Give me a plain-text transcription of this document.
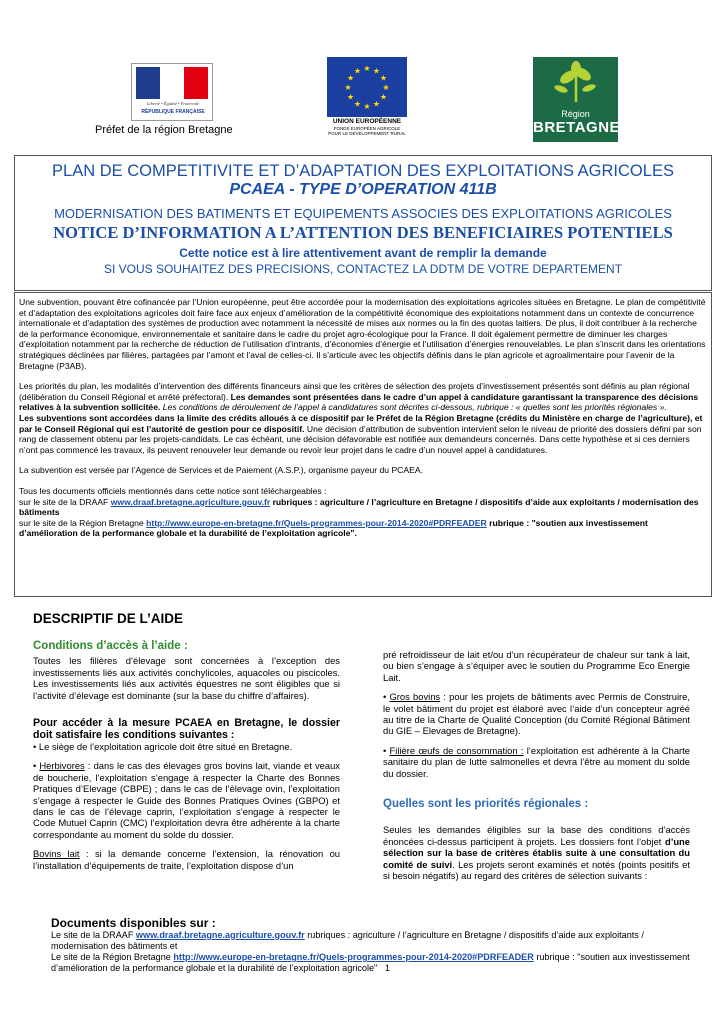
Liberté • Égalité • Fraternité
RÉPUBLIQUE FRANÇAISE
Préfet de la région Bretagne
★
★
★
★
★
★
★
★
★ ★ ★
★
UNION EUROPÉENNE
FONDS EUROPÉEN AGRICOLE POUR LE DÉVELOPPEMENT RURAL
Région
BRETAGNE
PLAN DE COMPETITIVITE ET D’ADAPTATION DES EXPLOITATIONS AGRICOLES
PCAEA - TYPE D’OPERATION 411B
MODERNISATION DES BATIMENTS ET EQUIPEMENTS ASSOCIES DES EXPLOITATIONS AGRICOLES
NOTICE D’INFORMATION A L’ATTENTION DES BENEFICIAIRES POTENTIELS
Cette notice est à lire attentivement avant de remplir la demande
SI VOUS SOUHAITEZ DES PRECISIONS, CONTACTEZ LA DDTM DE VOTRE DEPARTEMENT

Une subvention, pouvant être cofinancée par l’Union européenne, peut être accordée pour la modernisation des exploitations agricoles situées en Bretagne. Le plan de compétitivité et d’adaptation des exploitations agricoles doit faire face aux enjeux d’amélioration de la compétitivité économique des exploitations notamment dans un contexte de concurrence internationale et d’adaptation des systèmes de production avec notamment la nécessité de mises aux normes ou la fin des quotas laitiers. De plus, il doit contribuer à la recherche de la performance économique, environnementale et sanitaire dans le cadre du projet agro-écologique pour la France. Il doit également permettre de diminuer les charges d’exploitation notamment par la recherche de réduction de l’utilisation d’intrants, d’économies d’énergie et l’utilisation d’énergies renouvelables. Le plan s’inscrit dans les orientations stratégiques déclinées par filières, partagées par l’amont et l’aval de celles-ci. Il s’articule avec les objectifs définis dans le plan agricole et agroalimentaire pour l’avenir de la Bretagne (P3AB).

Les priorités du plan, les modalités d’intervention des différents financeurs ainsi que les critères de sélection des projets d’investissement présentés sont définis au plan régional (délibération du Conseil Régional et arrêté préfectoral). Les demandes sont présentées dans le cadre d’un appel à candidature garantissant la transparence des décisions relatives à la subvention sollicitée. Les conditions de déroulement de l’appel à candidatures sont décrites ci-dessous, rubrique : « quelles sont les priorités régionales ».

Les subventions sont accordées dans la limite des crédits alloués à ce dispositif par le Préfet de la Région Bretagne (crédits du Ministère en charge de l’agriculture), et par le Conseil Régional qui est l’autorité de gestion pour ce dispositif. Une décision d’attribution de subvention intervient selon le niveau de priorité des dossiers défini par son rang de classement obtenu par les projets-candidats. Le cas échéant, une décision défavorable est notifiée aux demandeurs concernés. Dans cette hypothèse et si ces derniers n’ont pas commencé les travaux, ils peuvent renouveler leur demande ou revoir leur projet dans le cadre d’un nouvel appel à candidatures.

La subvention est versée par l’Agence de Services et de Paiement (A.S.P.), organisme payeur du PCAEA.

Tous les documents officiels mentionnés dans cette notice sont téléchargeables :

sur le site de la DRAAF www.draaf.bretagne.agriculture.gouv.fr rubriques : agriculture / l’agriculture en Bretagne / dispositifs d’aide aux exploitants / modernisation des bâtiments

sur le site de la Région Bretagne http://www.europe-en-bretagne.fr/Quels-programmes-pour-2014-2020#PDRFEADER rubrique : "soutien aux investissement d’amélioration de la performance globale et la durabilité de l’exploitation agricole".

DESCRIPTIF DE L’AIDE
Conditions d’accès à l’aide :
Toutes les filières d’élevage sont concernées à l’exception des investissements liés aux activités conchylicoles, aquacoles ou piscicoles. Les investissements liés aux activités équestres ne sont éligibles que si l’activité d’élevage est dominante (sur la base du chiffre d’affaires).
Pour accéder à la mesure PCAEA en Bretagne, le dossier doit satisfaire les conditions suivantes :
• Le siège de l’exploitation agricole doit être situé en Bretagne.
• Herbivores : dans le cas des élevages gros bovins lait, viande et veaux de boucherie, l’exploitation s’engage à respecter la Charte des Bonnes Pratiques d’Elevage (CBPE) ; dans le cas de l’élevage ovin, l’exploitation s’engage à respecter le Guide des Bonnes Pratiques Ovines (GBPO) et dans le cas de l’élevage caprin, l’exploitation s’engage à respecter le Code Mutuel Caprin (CMC) l’exploitation devra être adhérente à la charte correspondante au moment du solde du dossier.
Bovins lait : si la demande concerne l’extension, la rénovation ou l’installation d’équipements de traite, l’exploitation dispose d’un
pré refroidisseur de lait et/ou d’un récupérateur de chaleur sur tank à lait, ou bien s’engage à s’équiper avec le soutien du Programme Eco Energie Lait.
• Gros bovins : pour les projets de bâtiments avec Permis de Construire, le volet bâtiment du projet est élaboré avec l’aide d’un concepteur agréé au titre de la Charte de Qualité Conception (du Comité Régional Bâtiment du GIE – Elevages de Bretagne).
• Filière œufs de consommation : l’exploitation est adhérente à la Charte sanitaire du plan de lutte salmonelles et devra l’être au moment du solde du dossier.
Quelles sont les priorités régionales :
Seules les demandes éligibles sur la base des conditions d’accès énoncées ci-dessus participent à projets. Les dossiers font l’objet d’une sélection sur la base de critères établis suite à une consultation du comité de suivi. Les projets seront examinés et notés (points positifs et si besoin négatifs) au regard des critères de sélection suivants :
Documents disponibles sur :
Le site de la DRAAF www.draaf.bretagne.agriculture.gouv.fr rubriques : agriculture / l’agriculture en Bretagne / dispositifs d’aide aux exploitants / modernisation des bâtiments et
Le site de la Région Bretagne http://www.europe-en-bretagne.fr/Quels-programmes-pour-2014-2020#PDRFEADER rubrique : "soutien aux investissement d’amélioration de la performance globale et la durabilité de l’exploitation agricole" 1
